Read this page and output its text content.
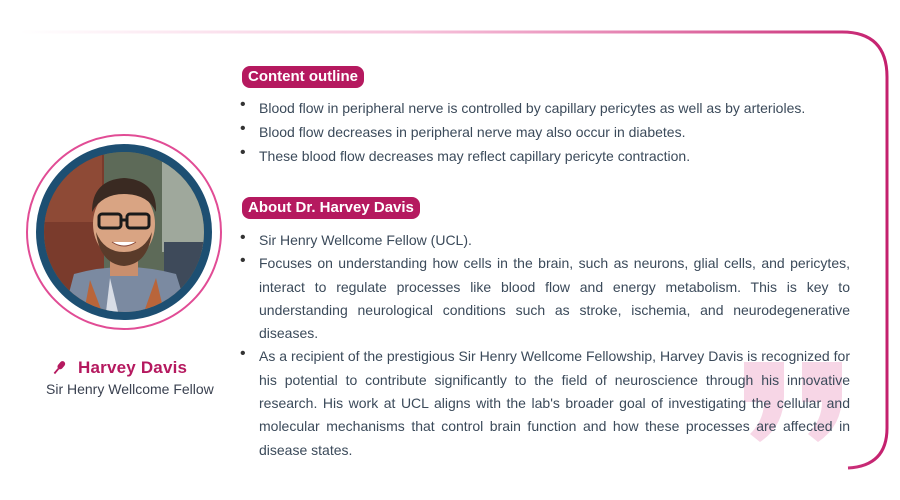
Harvey Davis
Sir Henry Wellcome Fellow
Content outline
• Blood flow in peripheral nerve is controlled by capillary pericytes as well as by arterioles.
• Blood flow decreases in peripheral nerve may also occur in diabetes.
• These blood flow decreases may reflect capillary pericyte contraction.
About Dr. Harvey Davis
• Sir Henry Wellcome Fellow (UCL).
• Focuses on understanding how cells in the brain, such as neurons, glial cells, and pericytes, interact to regulate processes like blood flow and energy metabolism. This is key to understanding neurological conditions such as stroke, ischemia, and neurodegenerative diseases.
• As a recipient of the prestigious Sir Henry Wellcome Fellowship, Harvey Davis is recognized for his potential to contribute significantly to the field of neuroscience through his innovative research. His work at UCL aligns with the lab's broader goal of investigating the cellular and molecular mechanisms that control brain function and how these processes are affected in disease states.
